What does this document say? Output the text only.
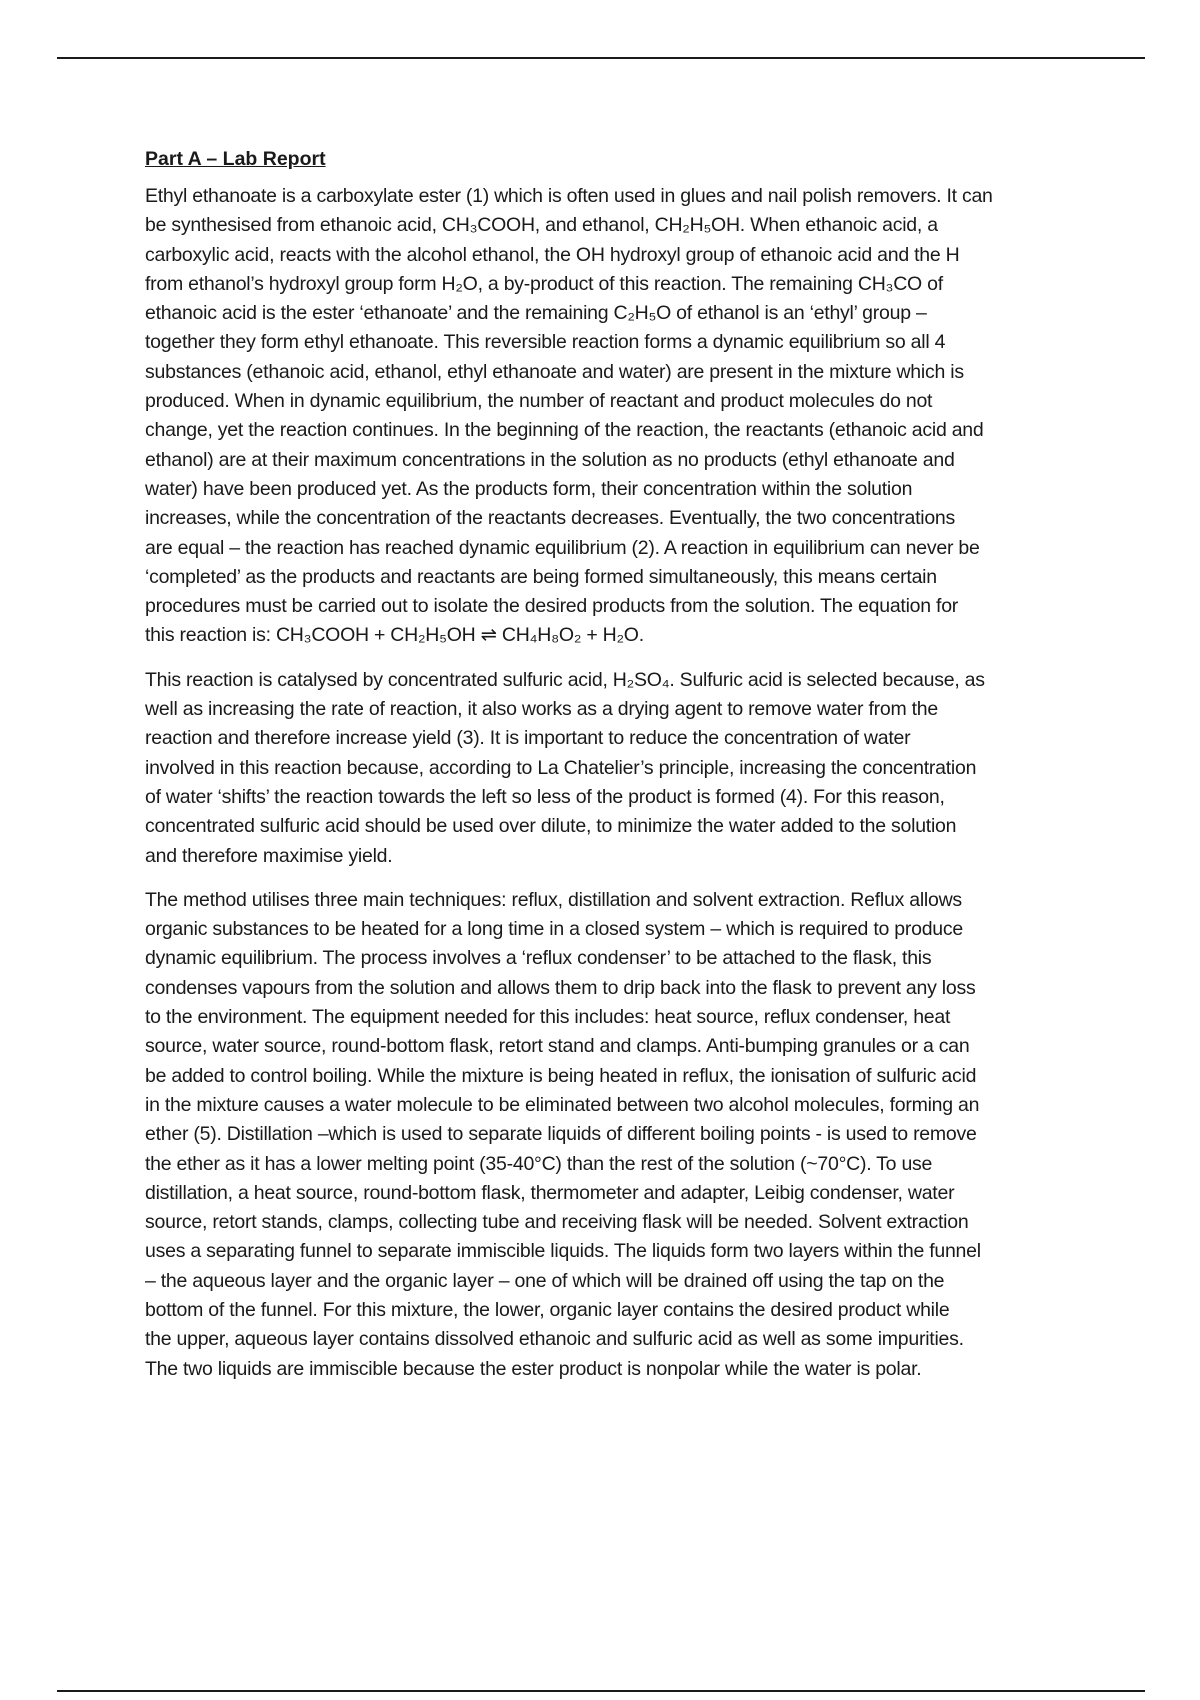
Part A – Lab Report
Ethyl ethanoate is a carboxylate ester (1) which is often used in glues and nail polish removers. It can
be synthesised from ethanoic acid, CH₃COOH, and ethanol, CH₂H₅OH. When ethanoic acid, a
carboxylic acid, reacts with the alcohol ethanol, the OH hydroxyl group of ethanoic acid and the H
from ethanol’s hydroxyl group form H₂O, a by-product of this reaction. The remaining CH₃CO of
ethanoic acid is the ester ‘ethanoate’ and the remaining C₂H₅O of ethanol is an ‘ethyl’ group –
together they form ethyl ethanoate. This reversible reaction forms a dynamic equilibrium so all 4
substances (ethanoic acid, ethanol, ethyl ethanoate and water) are present in the mixture which is
produced. When in dynamic equilibrium, the number of reactant and product molecules do not
change, yet the reaction continues. In the beginning of the reaction, the reactants (ethanoic acid and
ethanol) are at their maximum concentrations in the solution as no products (ethyl ethanoate and
water) have been produced yet. As the products form, their concentration within the solution
increases, while the concentration of the reactants decreases. Eventually, the two concentrations
are equal – the reaction has reached dynamic equilibrium (2). A reaction in equilibrium can never be
‘completed’ as the products and reactants are being formed simultaneously, this means certain
procedures must be carried out to isolate the desired products from the solution. The equation for
this reaction is: CH₃COOH + CH₂H₅OH ⇌ CH₄H₈O₂ + H₂O.
This reaction is catalysed by concentrated sulfuric acid, H₂SO₄. Sulfuric acid is selected because, as
well as increasing the rate of reaction, it also works as a drying agent to remove water from the
reaction and therefore increase yield (3). It is important to reduce the concentration of water
involved in this reaction because, according to La Chatelier’s principle, increasing the concentration
of water ‘shifts’ the reaction towards the left so less of the product is formed (4). For this reason,
concentrated sulfuric acid should be used over dilute, to minimize the water added to the solution
and therefore maximise yield.
The method utilises three main techniques: reflux, distillation and solvent extraction. Reflux allows
organic substances to be heated for a long time in a closed system – which is required to produce
dynamic equilibrium. The process involves a ‘reflux condenser’ to be attached to the flask, this
condenses vapours from the solution and allows them to drip back into the flask to prevent any loss
to the environment. The equipment needed for this includes: heat source, reflux condenser, heat
source, water source, round-bottom flask, retort stand and clamps. Anti-bumping granules or a can
be added to control boiling. While the mixture is being heated in reflux, the ionisation of sulfuric acid
in the mixture causes a water molecule to be eliminated between two alcohol molecules, forming an
ether (5). Distillation –which is used to separate liquids of different boiling points - is used to remove
the ether as it has a lower melting point (35-40°C) than the rest of the solution (~70°C). To use
distillation, a heat source, round-bottom flask, thermometer and adapter, Leibig condenser, water
source, retort stands, clamps, collecting tube and receiving flask will be needed. Solvent extraction
uses a separating funnel to separate immiscible liquids. The liquids form two layers within the funnel
– the aqueous layer and the organic layer – one of which will be drained off using the tap on the
bottom of the funnel. For this mixture, the lower, organic layer contains the desired product while
the upper, aqueous layer contains dissolved ethanoic and sulfuric acid as well as some impurities.
The two liquids are immiscible because the ester product is nonpolar while the water is polar.
